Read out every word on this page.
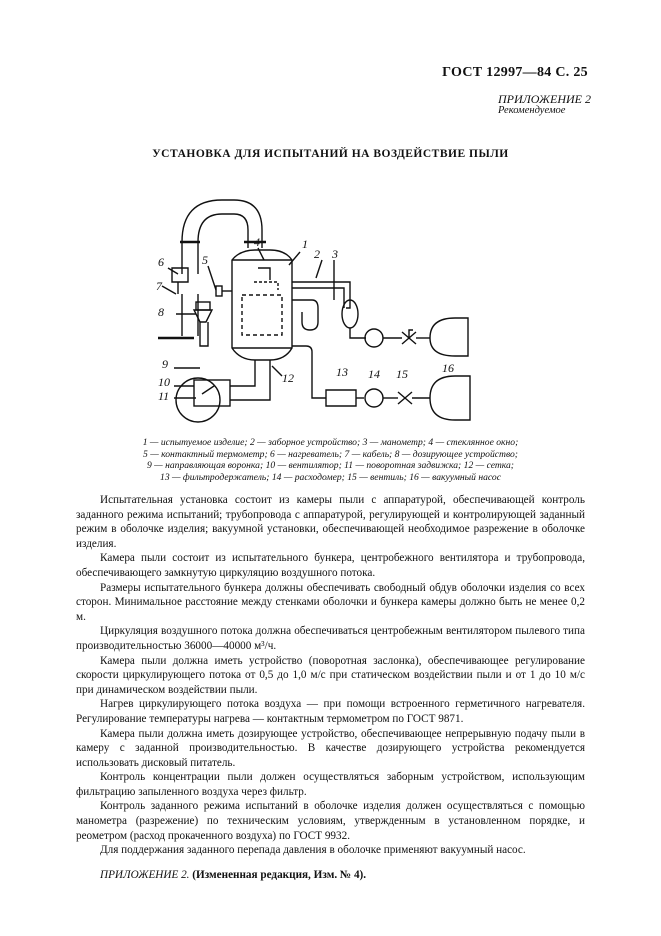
ГОСТ 12997—84 С. 25
ПРИЛОЖЕНИЕ 2
Рекомендуемое
УСТАНОВКА ДЛЯ ИСПЫТАНИЙ НА ВОЗДЕЙСТВИЕ ПЫЛИ
1
2 3
4
5
6
7
8
9
10
11
12	13 14 15	16
1 — испытуемое изделие; 2 — заборное устройство; 3 — манометр; 4 — стеклянное окно;
5 — контактный термометр; 6 — нагреватель; 7 — кабель; 8 — дозирующее устройство;
9 — направляющая воронка; 10 — вентилятор; 11 — поворотная задвижка; 12 — сетка;
13 — фильтродержатель; 14 — расходомер; 15 — вентиль; 16 — вакуумный насос

Испытательная установка состоит из камеры пыли с аппаратурой, обеспечивающей контроль заданного режима испытаний; трубопровода с аппаратурой, регулирующей и контролирующей заданный режим в оболочке изделия; вакуумной установки, обеспечивающей необходимое разрежение в оболочке изделия.

Камера пыли состоит из испытательного бункера, центробежного вентилятора и трубопровода, обеспечивающего замкнутую циркуляцию воздушного потока.

Размеры испытательного бункера должны обеспечивать свободный обдув оболочки изделия со всех сторон. Минимальное расстояние между стенками оболочки и бункера камеры должно быть не менее 0,2 м.

Циркуляция воздушного потока должна обеспечиваться центробежным вентилятором пылевого типа производительностью 36000—40000 м³/ч.

Камера пыли должна иметь устройство (поворотная заслонка), обеспечивающее регулирование скорости циркулирующего потока от 0,5 до 1,0 м/с при статическом воздействии пыли и от 1 до 10 м/с при динамическом воздействии пыли.

Нагрев циркулирующего потока воздуха — при помощи встроенного герметичного нагревателя. Регулирование температуры нагрева — контактным термометром по ГОСТ 9871.

Камера пыли должна иметь дозирующее устройство, обеспечивающее непрерывную подачу пыли в камеру с заданной производительностью. В качестве дозирующего устройства рекомендуется использовать дисковый питатель.

Контроль концентрации пыли должен осуществляться заборным устройством, использующим фильтрацию запыленного воздуха через фильтр.

Контроль заданного режима испытаний в оболочке изделия должен осуществляться с помощью манометра (разрежение) по техническим условиям, утвержденным в установленном порядке, и реометром (расход прокаченного воздуха) по ГОСТ 9932.

Для поддержания заданного перепада давления в оболочке применяют вакуумный насос.

ПРИЛОЖЕНИЕ 2. (Измененная редакция, Изм. № 4).
